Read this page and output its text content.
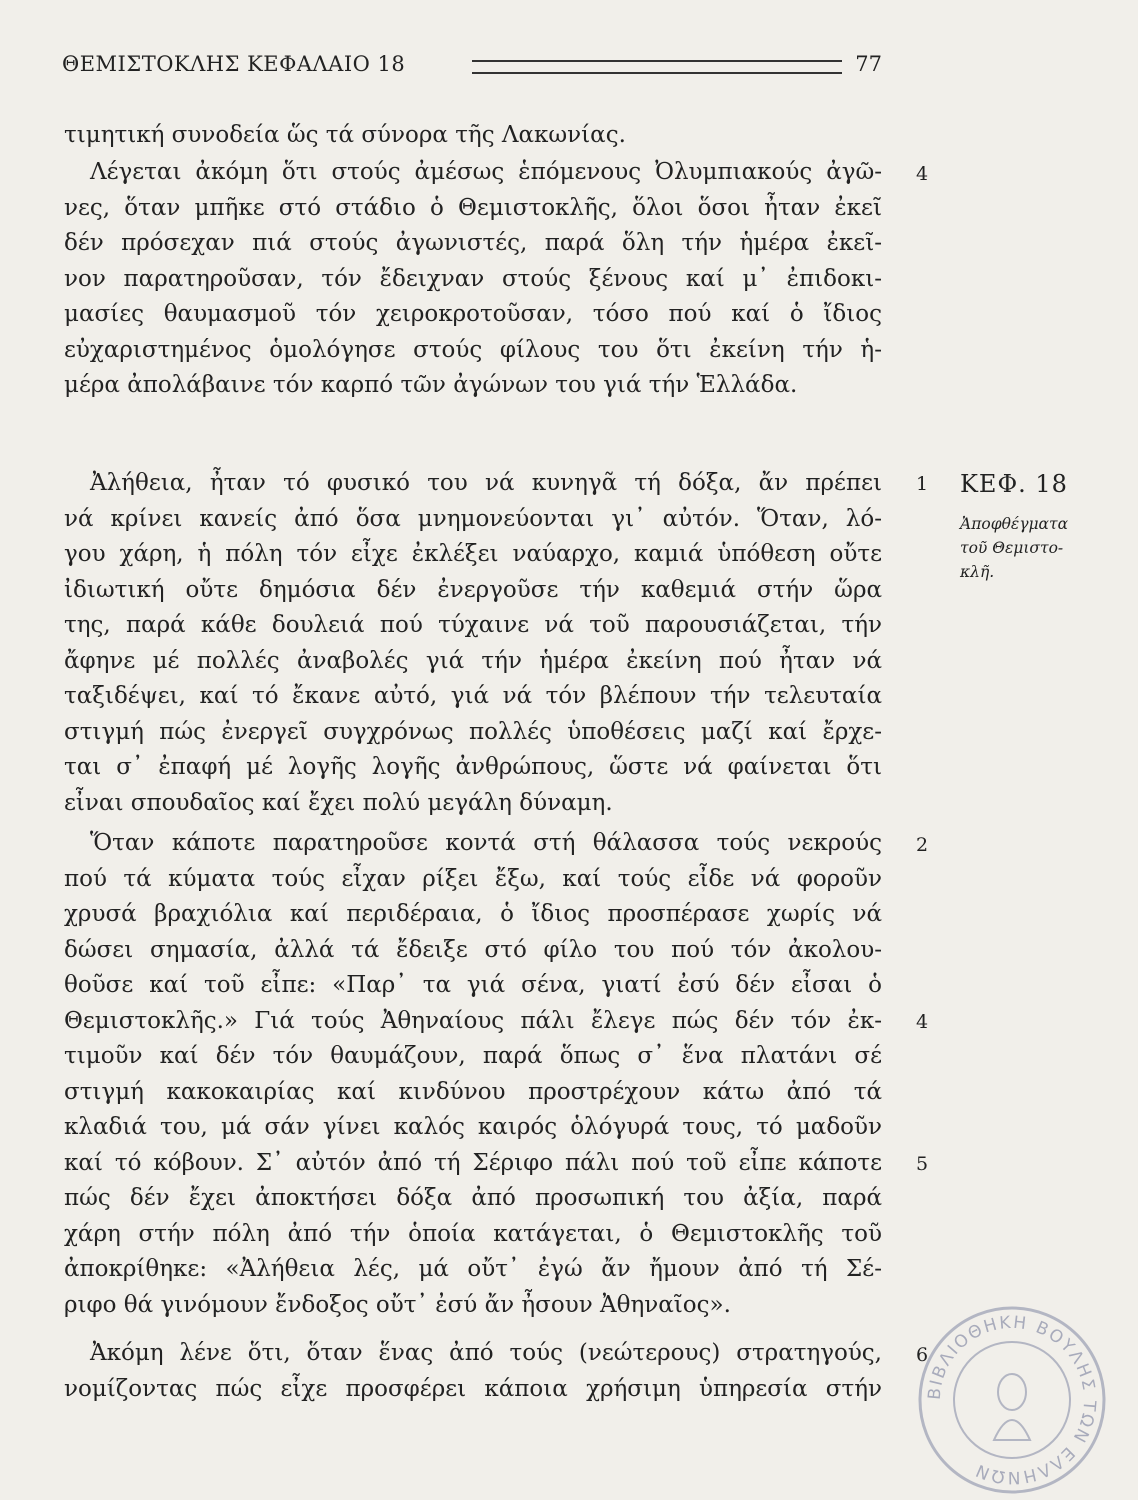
ΘΕΜΙΣΤΟΚΛΗΣ ΚΕΦΑΛΑΙΟ 18	77
τιμητική συνοδεία ὥς τά σύνορα τῆς Λακωνίας.
Λέγεται ἀκόμη ὅτι στούς ἀμέσως ἑπόμενους Ὀλυμπιακούς ἀγῶ-
νες, ὅταν μπῆκε στό στάδιο ὁ Θεμιστοκλῆς, ὅλοι ὅσοι ἦταν ἐκεῖ
δέν πρόσεχαν πιά στούς ἀγωνιστές, παρά ὅλη τήν ἡμέρα ἐκεῖ-
νον παρατηροῦσαν, τόν ἔδειχναν στούς ξένους καί μ᾽ ἐπιδοκι-
μασίες θαυμασμοῦ τόν χειροκροτοῦσαν, τόσο πού καί ὁ ἴδιος
εὐχαριστημένος ὁμολόγησε στούς φίλους του ὅτι ἐκείνη τήν ἡ-
μέρα ἀπολάβαινε τόν καρπό τῶν ἀγώνων του γιά τήν Ἑλλάδα.
Ἀλήθεια, ἦταν τό φυσικό του νά κυνηγᾶ τή δόξα, ἄν πρέπει
νά κρίνει κανείς ἀπό ὅσα μνημονεύονται γι᾽ αὐτόν. Ὅταν, λό-
γου χάρη, ἡ πόλη τόν εἶχε ἐκλέξει ναύαρχο, καμιά ὑπόθεση οὔτε
ἰδιωτική οὔτε δημόσια δέν ἐνεργοῦσε τήν καθεμιά στήν ὥρα
της, παρά κάθε δουλειά πού τύχαινε νά τοῦ παρουσιάζεται, τήν
ἄφηνε μέ πολλές ἀναβολές γιά τήν ἡμέρα ἐκείνη πού ἦταν νά
ταξιδέψει, καί τό ἔκανε αὐτό, γιά νά τόν βλέπουν τήν τελευταία
στιγμή πώς ἐνεργεῖ συγχρόνως πολλές ὑποθέσεις μαζί καί ἔρχε-
ται σ᾽ ἐπαφή μέ λογῆς λογῆς ἀνθρώπους, ὥστε νά φαίνεται ὅτι
εἶναι σπουδαῖος καί ἔχει πολύ μεγάλη δύναμη.
Ὅταν κάποτε παρατηροῦσε κοντά στή θάλασσα τούς νεκρούς
πού τά κύματα τούς εἶχαν ρίξει ἔξω, καί τούς εἶδε νά φοροῦν
χρυσά βραχιόλια καί περιδέραια, ὁ ἴδιος προσπέρασε χωρίς νά
δώσει σημασία, ἀλλά τά ἔδειξε στό φίλο του πού τόν ἀκολου-
θοῦσε καί τοῦ εἶπε: «Παρ᾽ τα γιά σένα, γιατί ἐσύ δέν εἶσαι ὁ
Θεμιστοκλῆς.» Γιά τούς Ἀθηναίους πάλι ἔλεγε πώς δέν τόν ἐκ-
τιμοῦν καί δέν τόν θαυμάζουν, παρά ὅπως σ᾽ ἕνα πλατάνι σέ
στιγμή κακοκαιρίας καί κινδύνου προστρέχουν κάτω ἀπό τά
κλαδιά του, μά σάν γίνει καλός καιρός ὁλόγυρά τους, τό μαδοῦν
καί τό κόβουν. Σ᾽ αὐτόν ἀπό τή Σέριφο πάλι πού τοῦ εἶπε κάποτε
πώς δέν ἔχει ἀποκτήσει δόξα ἀπό προσωπική του ἀξία, παρά
χάρη στήν πόλη ἀπό τήν ὁποία κατάγεται, ὁ Θεμιστοκλῆς τοῦ
ἀποκρίθηκε: «Ἀλήθεια λές, μά οὔτ᾽ ἐγώ ἄν ἤμουν ἀπό τή Σέ-
ριφο θά γινόμουν ἔνδοξος οὔτ᾽ ἐσύ ἄν ἦσουν Ἀθηναῖος».
Ἀκόμη λένε ὅτι, ὅταν ἕνας ἀπό τούς (νεώτερους) στρατηγούς,
νομίζοντας πώς εἶχε προσφέρει κάποια χρήσιμη ὑπηρεσία στήν
4
1
2
4
5
6
ΚΕΦ. 18
Ἀποφθέγματα τοῦ Θεμιστο-κλῆ.
ΒΙΒΛΙΟΘΗΚΗ ΒΟΥΛΗΣ ΤΩΝ ΕΛΛΗΝΩΝ
